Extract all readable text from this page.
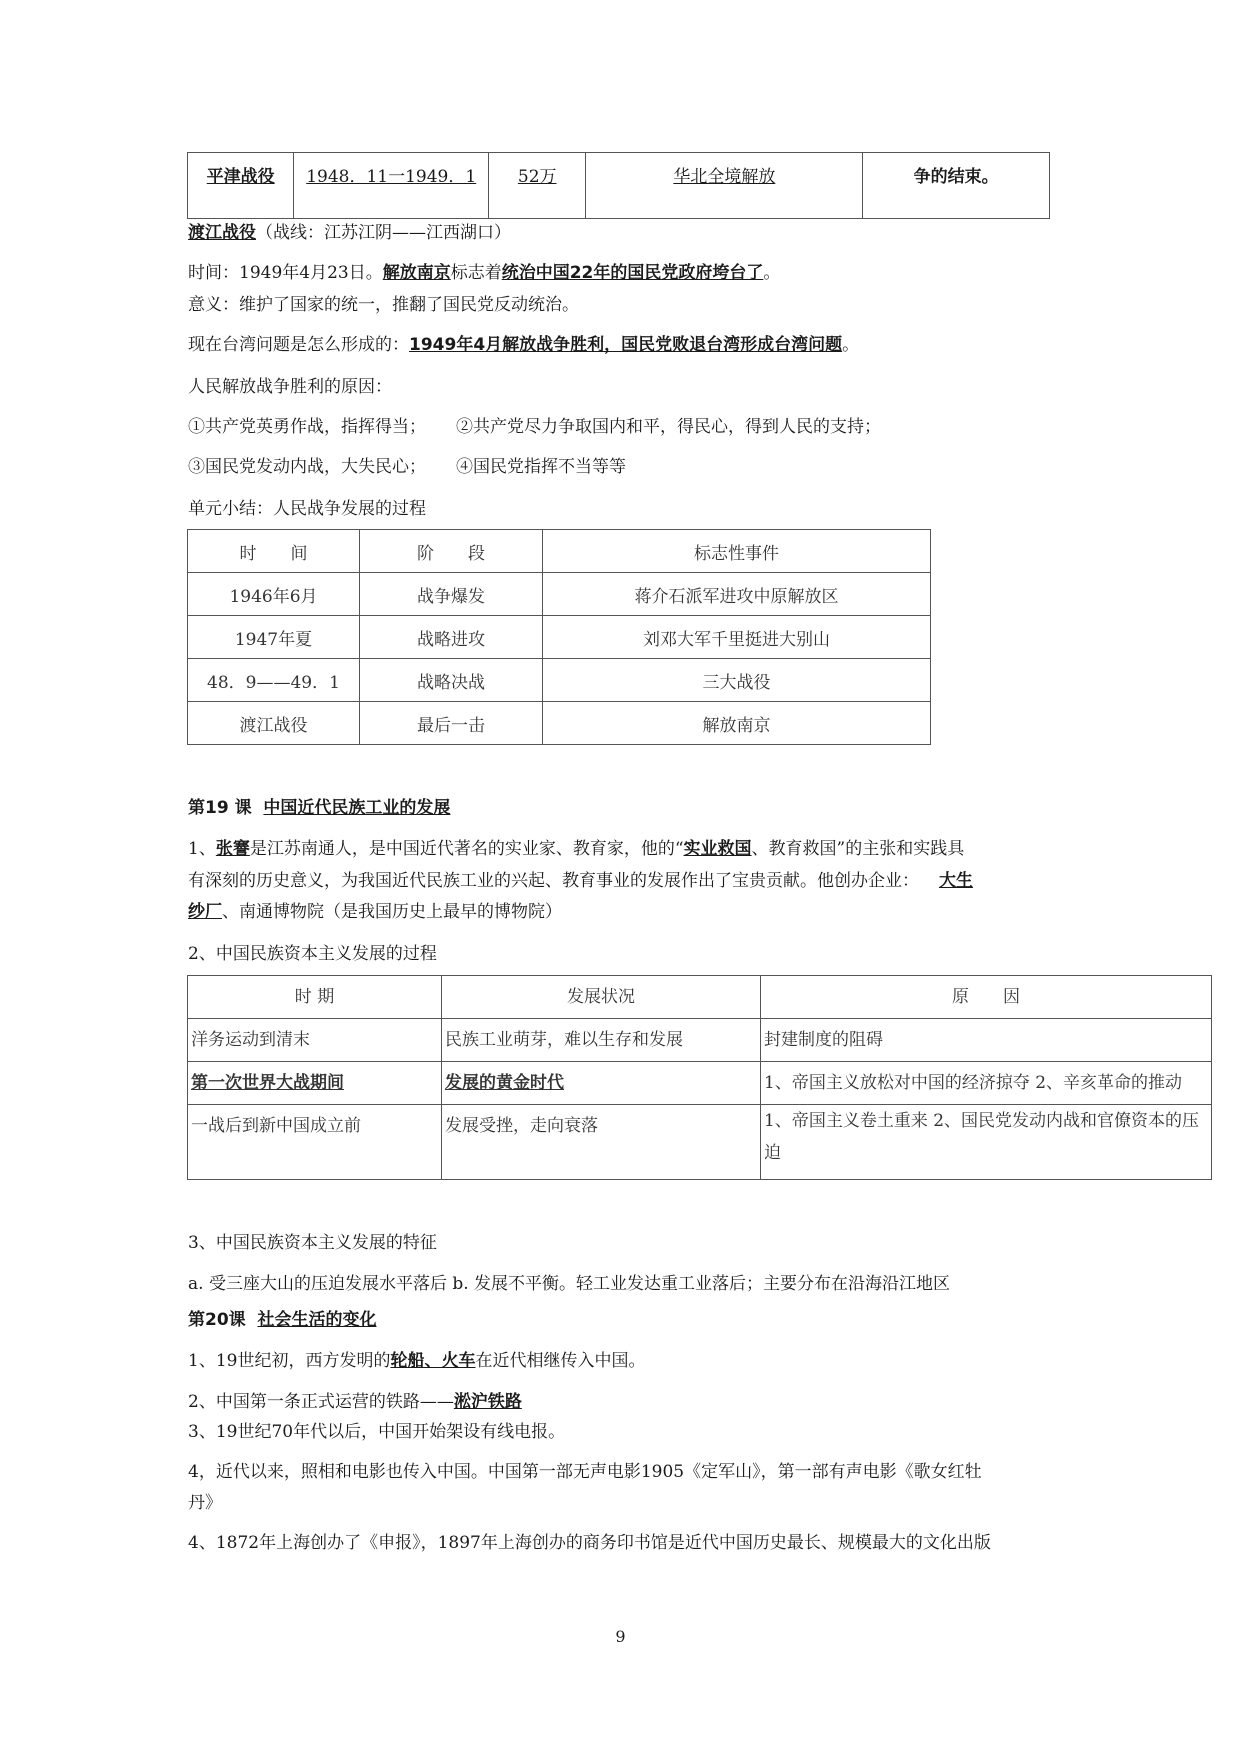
平津战役	1948．11一1949．1	52万	华北全境解放	争的结束。
渡江战役（战线：江苏江阴——江西湖口）
时间：1949年4月23日。解放南京标志着统治中国22年的国民党政府垮台了。
意义：维护了国家的统一，推翻了国民党反动统治。
现在台湾问题是怎么形成的：1949年4月解放战争胜利，国民党败退台湾形成台湾问题。
人民解放战争胜利的原因：
①共产党英勇作战，指挥得当； ②共产党尽力争取国内和平，得民心，得到人民的支持；
③国民党发动内战，大失民心； ④国民党指挥不当等等
单元小结：人民战争发展的过程
时　　间	阶　　段	标志性事件
1946年6月	战争爆发	蒋介石派军进攻中原解放区
1947年夏	战略进攻	刘邓大军千里挺进大别山
48．9——49．1	战略决战	三大战役
渡江战役	最后一击	解放南京
第19 课 中国近代民族工业的发展
1、张謇是江苏南通人，是中国近代著名的实业家、教育家，他的“实业救国、教育救国”的主张和实践具
有深刻的历史意义，为我国近代民族工业的兴起、教育事业的发展作出了宝贵贡献。他创办企业： 大生
纱厂、南通博物院（是我国历史上最早的博物院）
2、中国民族资本主义发展的过程
时 期	发展状况	原　　因
洋务运动到清末	民族工业萌芽，难以生存和发展	封建制度的阻碍
第一次世界大战期间	发展的黄金时代	1、帝国主义放松对中国的经济掠夺 2、辛亥革命的推动
一战后到新中国成立前	发展受挫，走向衰落	1、帝国主义卷土重来 2、国民党发动内战和官僚资本的压迫
3、中国民族资本主义发展的特征
a. 受三座大山的压迫发展水平落后 b. 发展不平衡。轻工业发达重工业落后；主要分布在沿海沿江地区
第20课 社会生活的变化
1、19世纪初，西方发明的轮船、火车在近代相继传入中国。
2、中国第一条正式运营的铁路——淞沪铁路
3、19世纪70年代以后，中国开始架设有线电报。
4，近代以来，照相和电影也传入中国。中国第一部无声电影1905《定军山》，第一部有声电影《歌女红牡
丹》
4、1872年上海创办了《申报》，1897年上海创办的商务印书馆是近代中国历史最长、规模最大的文化出版
9
